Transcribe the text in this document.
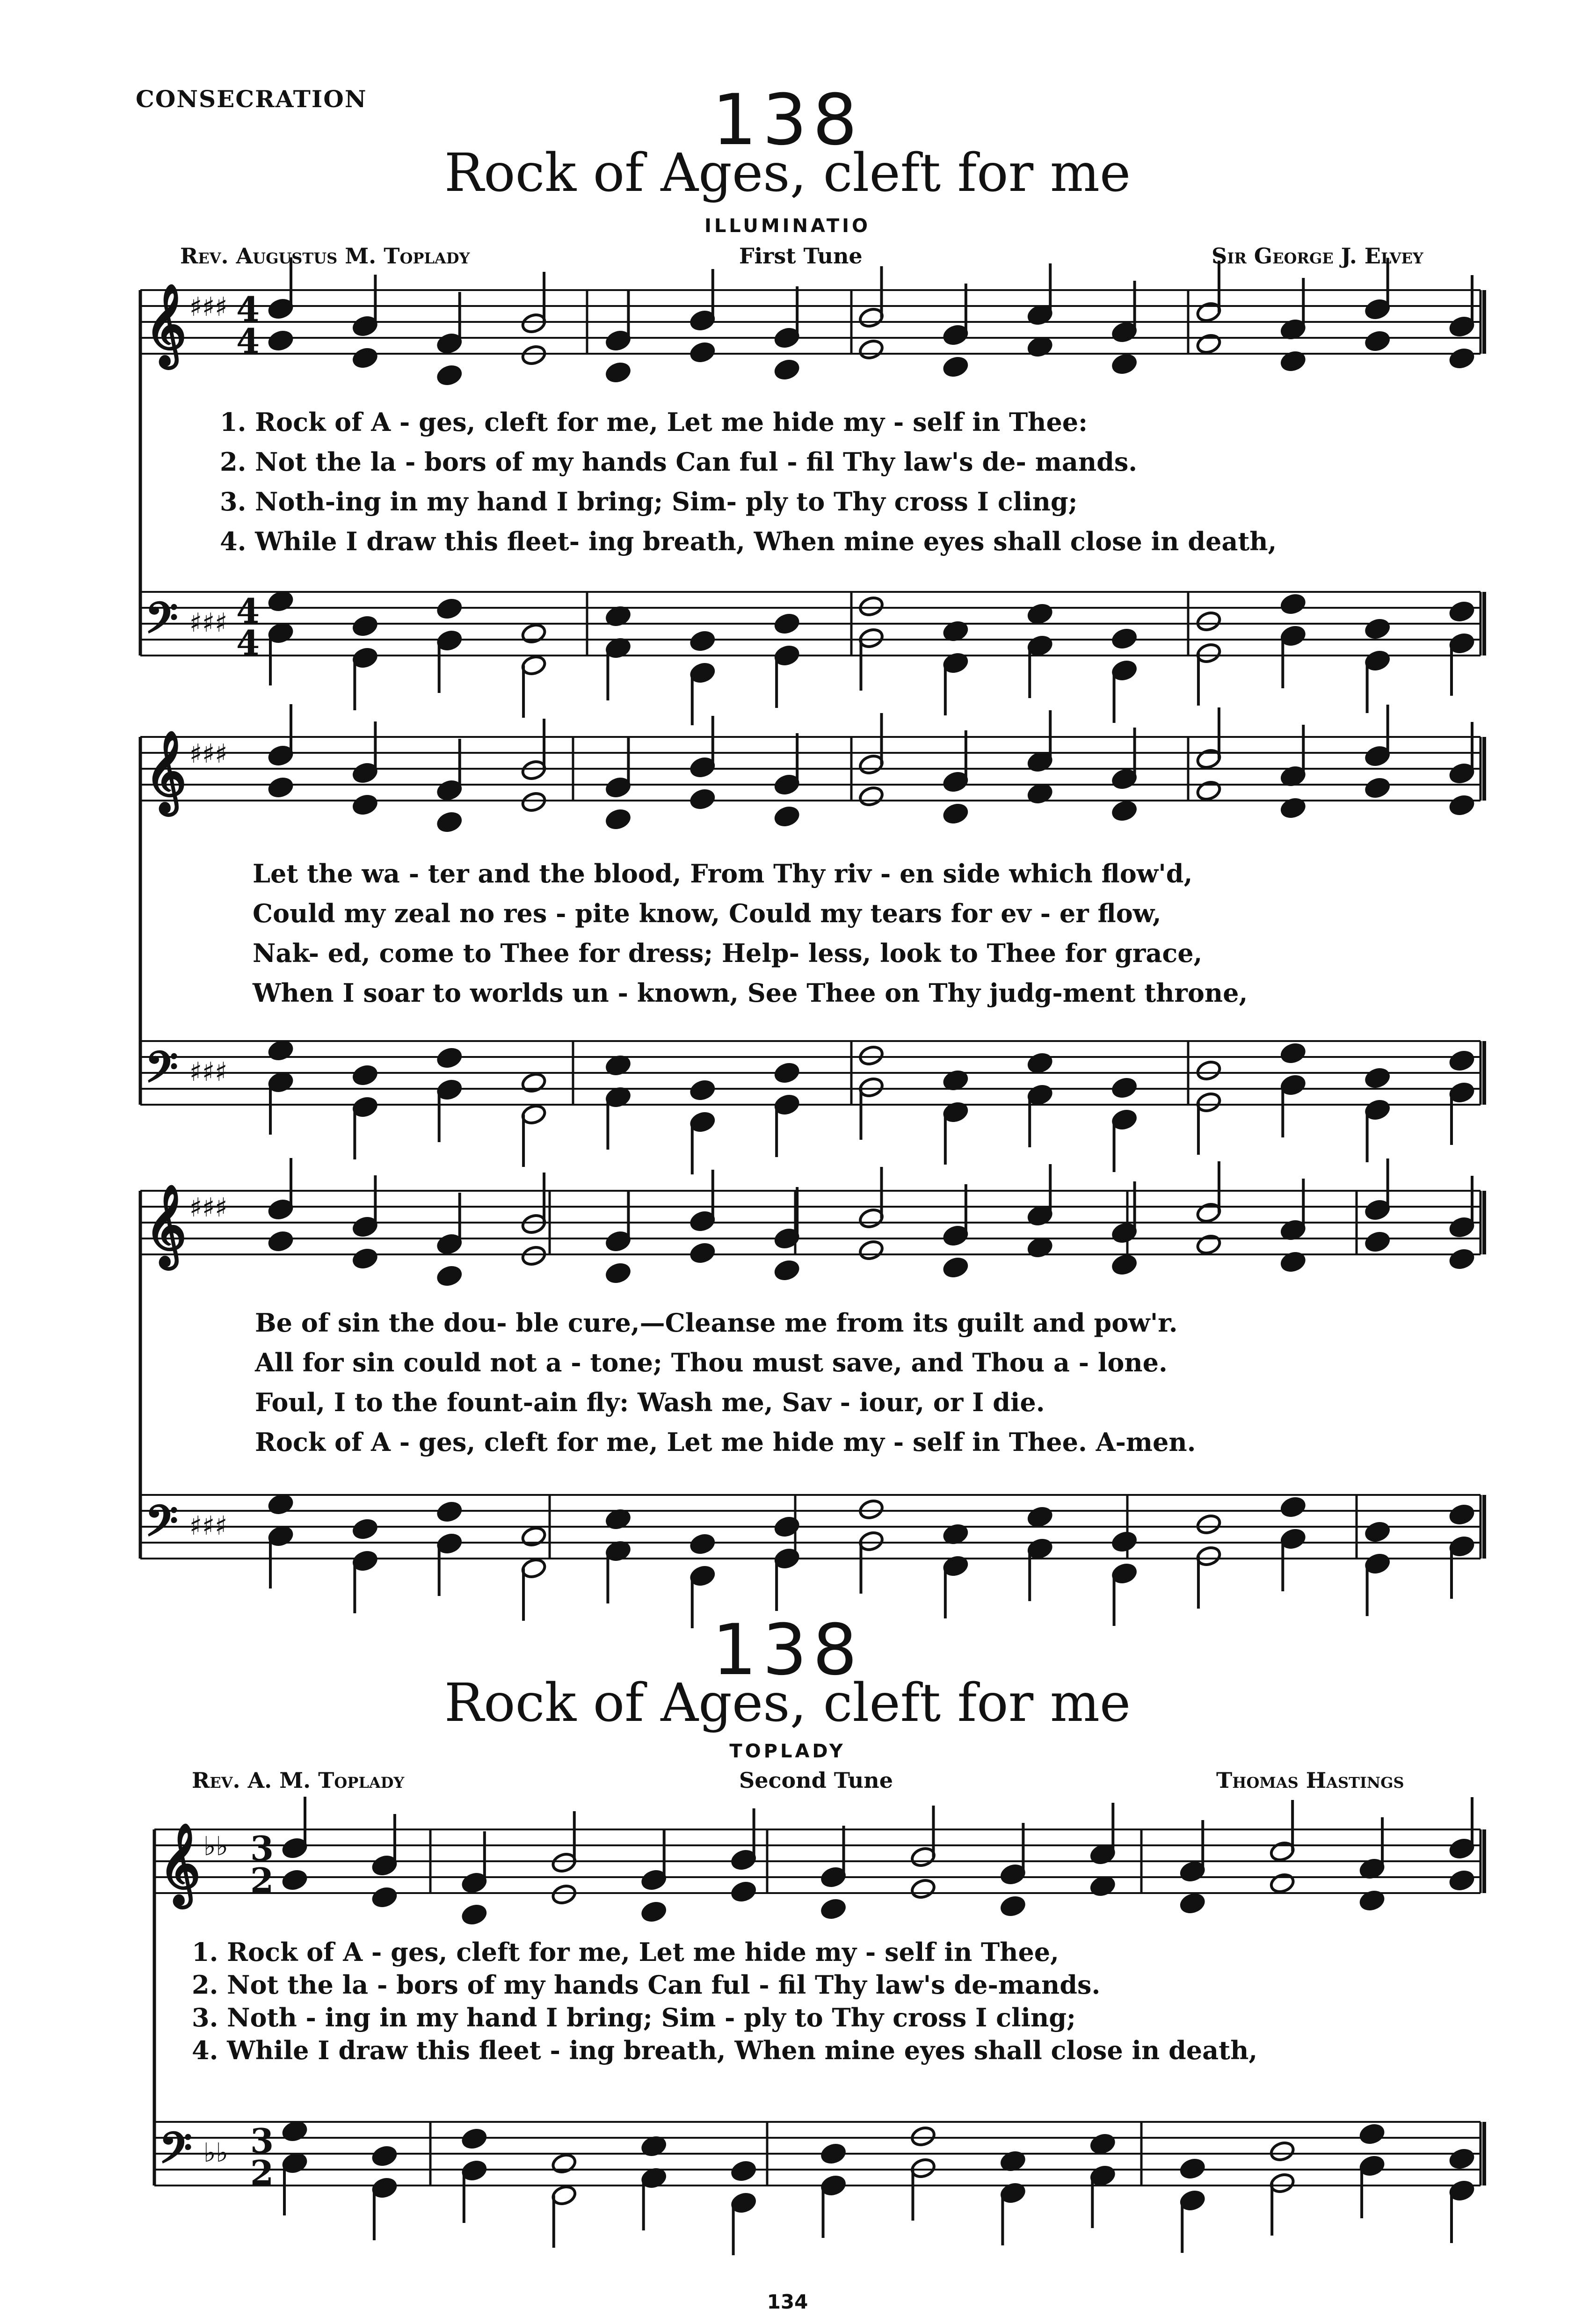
CONSECRATION	138
Rock of Ages, cleft for me
ILLUMINATIO
Rev. Augustus M. Toplady	First Tune	Sir George J. Elvey
𝄞
𝄢
♯♯♯
♯♯♯
4
4
4
4
𝄞
𝄢
♯♯♯
♯♯♯
𝄞
𝄢
♯♯♯
♯♯♯
𝄞
𝄢
♭♭
♭♭
3
2
3
2
1. Rock of A - ges, cleft for me, Let me hide my - self in Thee:
2. Not the la - bors of my hands Can ful - fil Thy law's de- mands.
3. Noth-ing in my hand I bring; Sim- ply to Thy cross I cling;
4. While I draw this fleet- ing breath, When mine eyes shall close in death,
Let the wa - ter and the blood, From Thy riv - en side which flow'd,
Could my zeal no res - pite know, Could my tears for ev - er flow,
Nak- ed, come to Thee for dress; Help- less, look to Thee for grace,
When I soar to worlds un - known, See Thee on Thy judg-ment throne,
Be of sin the dou- ble cure,—Cleanse me from its guilt and pow'r.
All for sin could not a - tone; Thou must save, and Thou a - lone.
Foul, I to the fount-ain fly: Wash me, Sav - iour, or I die.
Rock of A - ges, cleft for me, Let me hide my - self in Thee. A-men.
138
Rock of Ages, cleft for me
TOPLADY
Rev. A. M. Toplady	Second Tune	Thomas Hastings
1. Rock of A - ges, cleft for me, Let me hide my - self in Thee,
2. Not the la - bors of my hands Can ful - fil Thy law's de-mands.
3. Noth - ing in my hand I bring; Sim - ply to Thy cross I cling;
4. While I draw this fleet - ing breath, When mine eyes shall close in death,
134
